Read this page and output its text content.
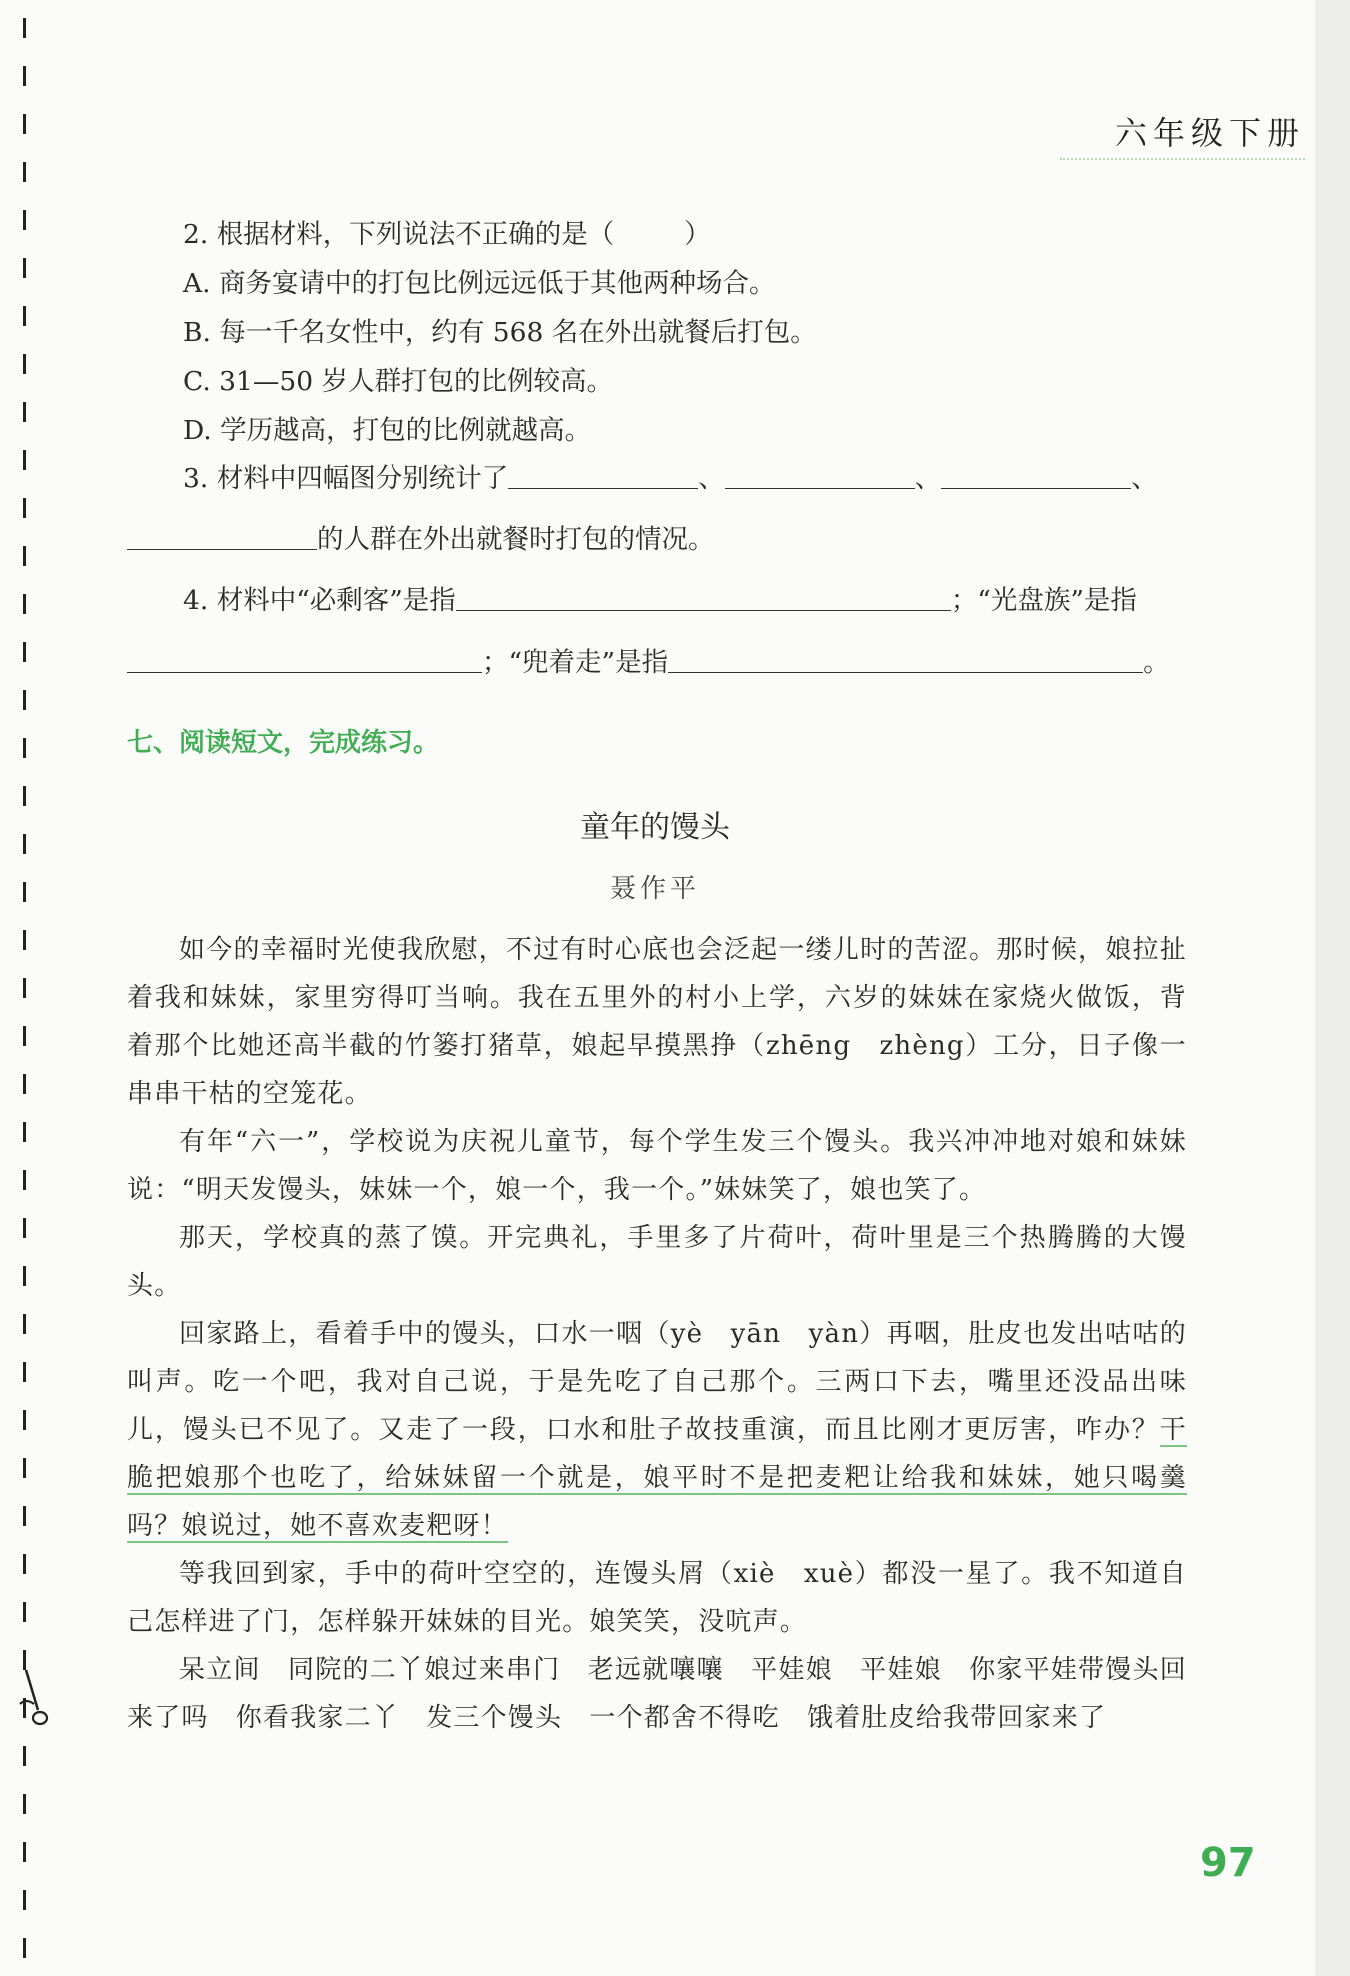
六年级下册
2. 根据材料，下列说法不正确的是（	）
A. 商务宴请中的打包比例远远低于其他两种场合。
B. 每一千名女性中，约有 568 名在外出就餐后打包。
C. 31—50 岁人群打包的比例较高。
D. 学历越高，打包的比例就越高。
3. 材料中四幅图分别统计了	、	、	、
的人群在外出就餐时打包的情况。
4. 材料中“必剩客”是指	；“光盘族”是指
；“兜着走”是指	。
七、阅读短文，完成练习。
童年的馒头
聂作平

如今的幸福时光使我欣慰，不过有时心底也会泛起一缕儿时的苦涩。那时候，娘拉扯着我和妹妹，家里穷得叮当响。我在五里外的村小上学，六岁的妹妹在家烧火做饭，背着那个比她还高半截的竹篓打猪草，娘起早摸黑挣（zhēng　zhèng）工分，日子像一串串干枯的空笼花。

有年“六一”，学校说为庆祝儿童节，每个学生发三个馒头。我兴冲冲地对娘和妹妹说：“明天发馒头，妹妹一个，娘一个，我一个。”妹妹笑了，娘也笑了。

那天，学校真的蒸了馍。开完典礼，手里多了片荷叶，荷叶里是三个热腾腾的大馒头。

回家路上，看着手中的馒头，口水一咽（yè　yān　yàn）再咽，肚皮也发出咕咕的叫声。吃一个吧，我对自己说，于是先吃了自己那个。三两口下去，嘴里还没品出味儿，馒头已不见了。又走了一段，口水和肚子故技重演，而且比刚才更厉害，咋办？干脆把娘那个也吃了，给妹妹留一个就是，娘平时不是把麦粑让给我和妹妹，她只喝羹吗？娘说过，她不喜欢麦粑呀！

等我回到家，手中的荷叶空空的，连馒头屑（xiè　xuè）都没一星了。我不知道自己怎样进了门，怎样躲开妹妹的目光。娘笑笑，没吭声。

呆立间　同院的二丫娘过来串门　老远就嚷嚷　平娃娘　平娃娘　你家平娃带馒头回来了吗　你看我家二丫　发三个馒头　一个都舍不得吃　饿着肚皮给我带回家来了

97
